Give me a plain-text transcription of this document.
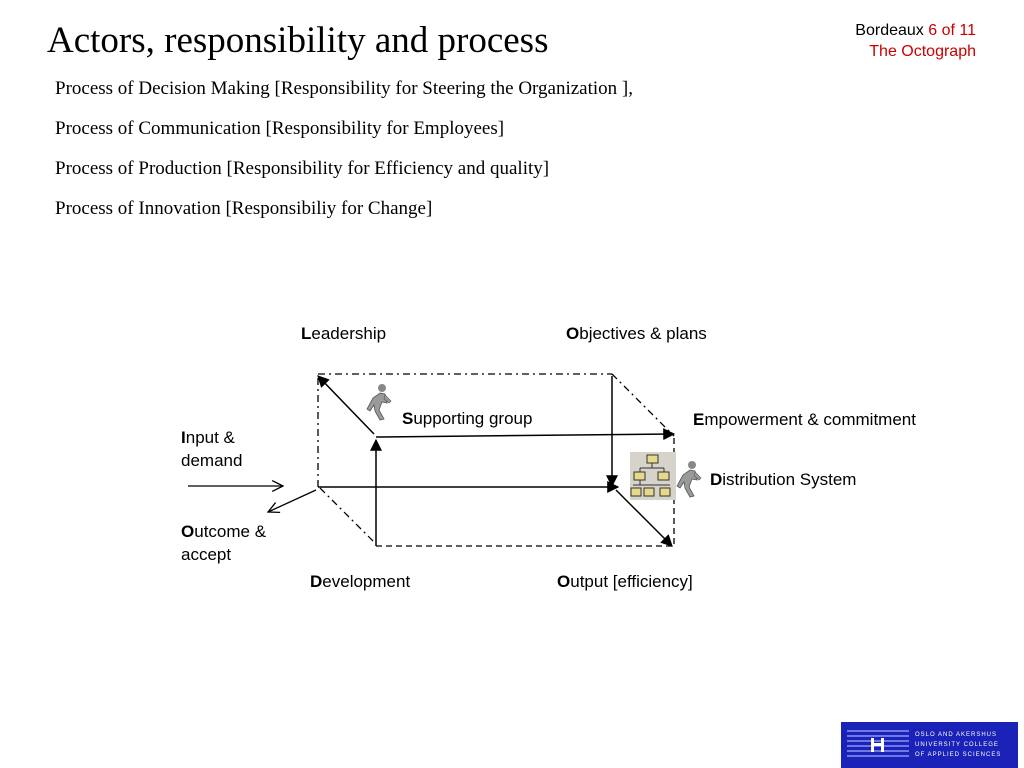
Actors, responsibility and process	Bordeaux 6 of 11
The Octograph
Process of Decision Making [Responsibility for Steering the Organization ],
Process of Communication [Responsibility for Employees]
Process of Production [Responsibility for Efficiency and quality]
Process of Innovation [Responsibiliy for Change]
Leadership	Objectives & plans
Supporting group	Empowerment & commitment
Input &
demand
Distribution System
Outcome &
accept
Development	Output [efficiency]
OSLO AND AKERSHUS
UNIVERSITY COLLEGE
OF APPLIED SCIENCES
